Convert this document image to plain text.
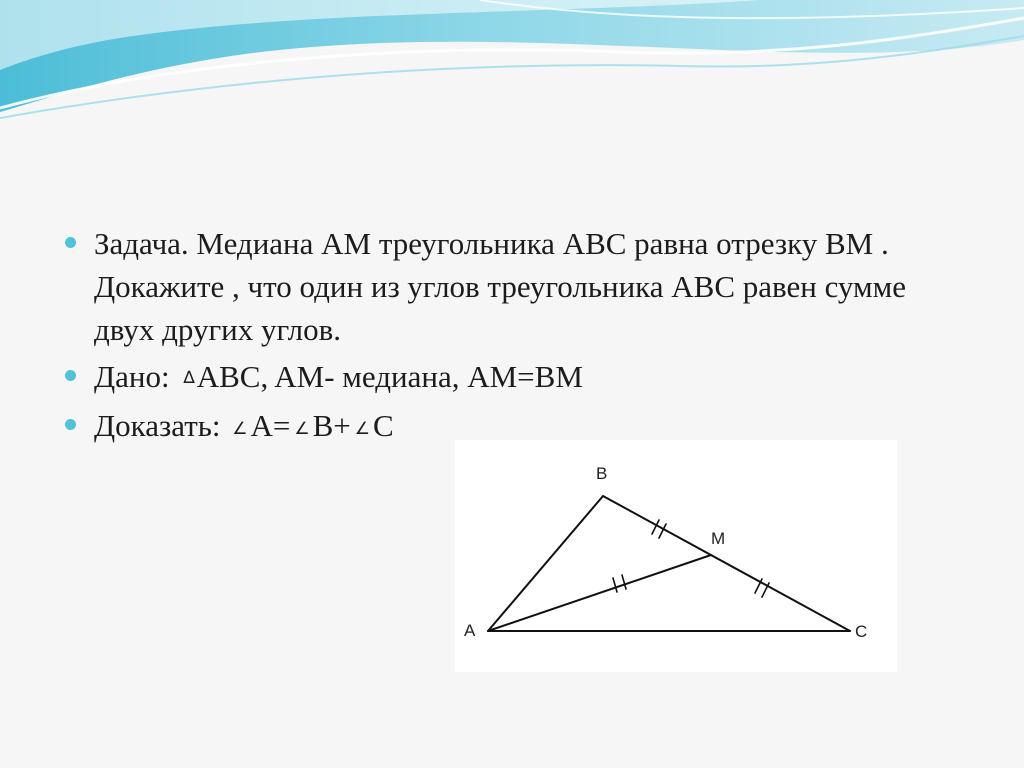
Задача. Медиана AM треугольника ABC равна отрезку BM . Докажите , что один из углов треугольника ABC равен сумме двух других углов.
Дано: ∆ABC, AM- медиана, AM=BM
Доказать: ∠A= ∠B+ ∠C
B
M
A	C
